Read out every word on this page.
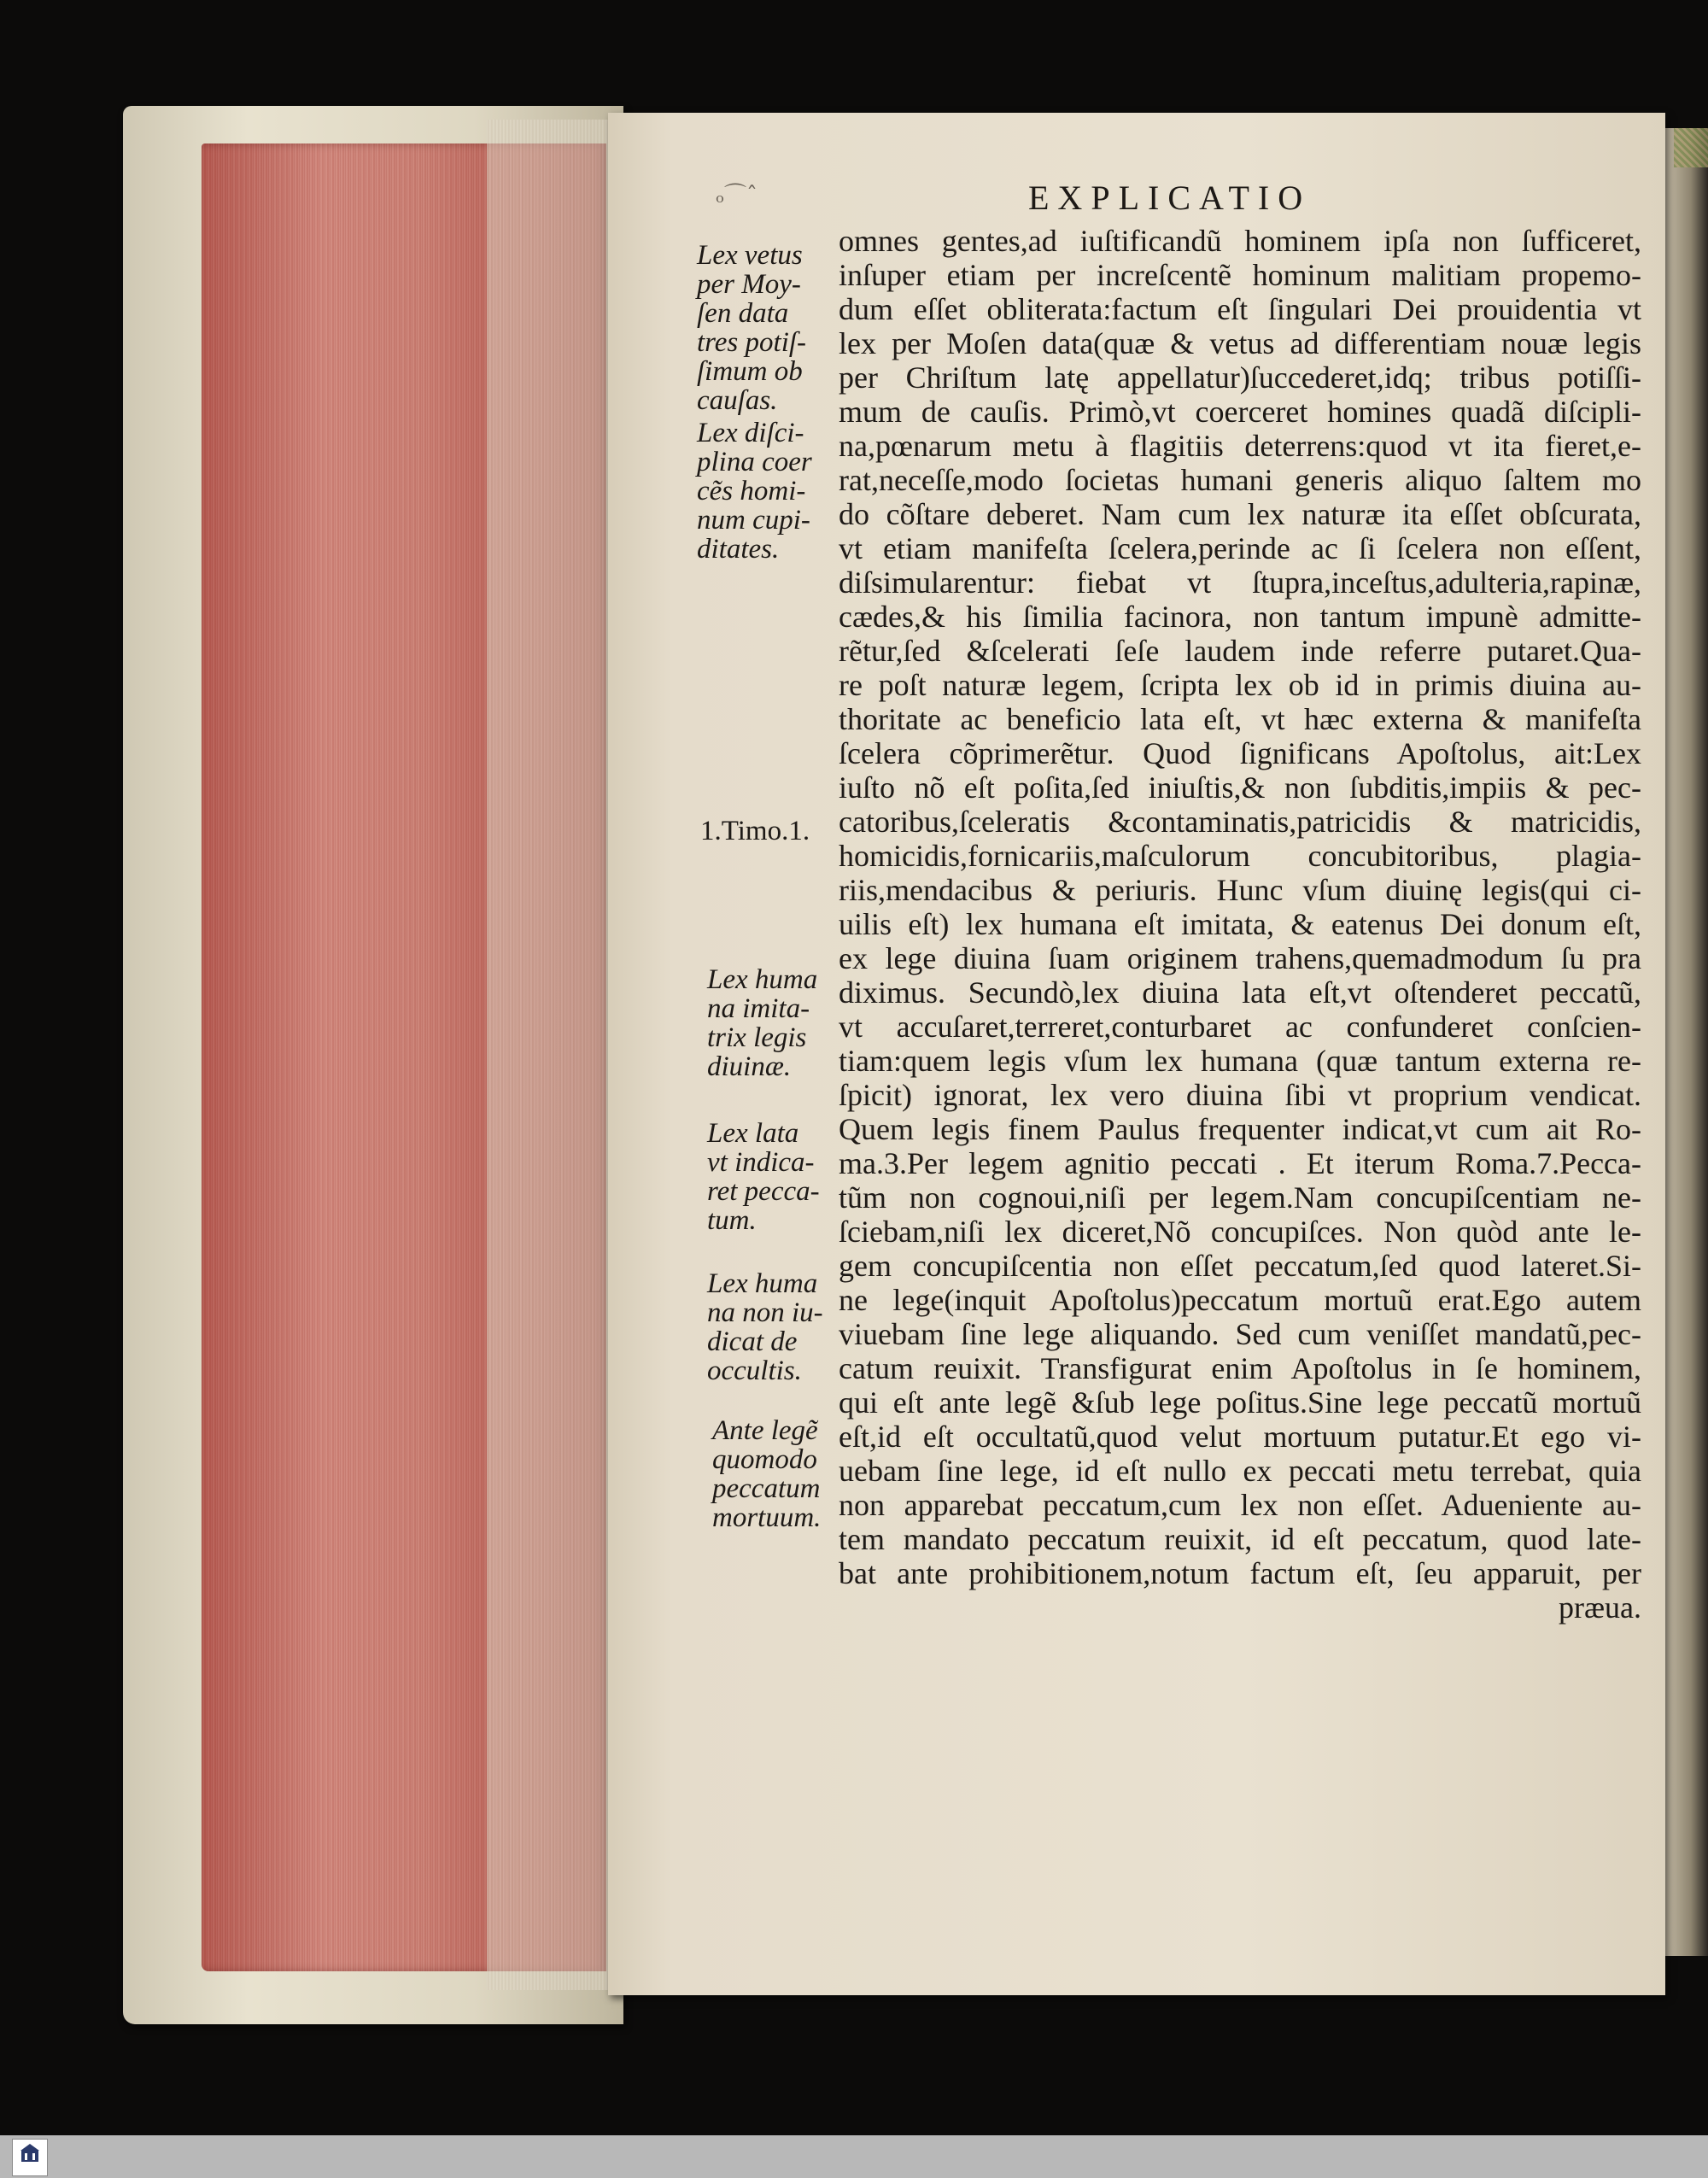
ₒ⌒ˆ	EXPLICATIO
omnes gentes,ad iuſtificandũ hominem ipſa non ſufficeret,
inſuper etiam per increſcentẽ hominum malitiam propemo-
dum eſſet obliterata:factum eſt ſingulari Dei prouidentia vt
lex per Moſen data(quæ & vetus ad differentiam nouæ legis
per Chriſtum latę appellatur)ſuccederet,idq; tribus potiſſi-
mum de cauſis. Primò,vt coerceret homines quadã diſcipli-
na,pœnarum metu à flagitiis deterrens:quod vt ita fieret,e-
rat,neceſſe,modo ſocietas humani generis aliquo ſaltem mo
do cõſtare deberet. Nam cum lex naturæ ita eſſet obſcurata,
vt etiam manifeſta ſcelera,perinde ac ſi ſcelera non eſſent,
diſsimularentur: fiebat vt ſtupra,inceſtus,adulteria,rapinæ,
cædes,& his ſimilia facinora, non tantum impunè admitte-
rẽtur,ſed &ſcelerati ſeſe laudem inde referre putaret.Qua-
re poſt naturæ legem, ſcripta lex ob id in primis diuina au-
thoritate ac beneficio lata eſt, vt hæc externa & manifeſta
ſcelera cõprimerẽtur. Quod ſignificans Apoſtolus, ait:Lex
iuſto nõ eſt poſita,ſed iniuſtis,& non ſubditis,impiis & pec-
catoribus,ſceleratis &contaminatis,patricidis & matricidis,
homicidis,fornicariis,maſculorum concubitoribus, plagia-
riis,mendacibus & periuris. Hunc vſum diuinę legis(qui ci-
uilis eſt) lex humana eſt imitata, & eatenus Dei donum eſt,
ex lege diuina ſuam originem trahens,quemadmodum ſu pra
diximus. Secundò,lex diuina lata eſt,vt oſtenderet peccatũ,
vt accuſaret,terreret,conturbaret ac confunderet conſcien-
tiam:quem legis vſum lex humana (quæ tantum externa re-
ſpicit) ignorat, lex vero diuina ſibi vt proprium vendicat.
Quem legis finem Paulus frequenter indicat,vt cum ait Ro-
ma.3.Per legem agnitio peccati . Et iterum Roma.7.Pecca-
tũm non cognoui,niſi per legem.Nam concupiſcentiam ne-
ſciebam,niſi lex diceret,Nõ concupiſces. Non quòd ante le-
gem concupiſcentia non eſſet peccatum,ſed quod lateret.Si-
ne lege(inquit Apoſtolus)peccatum mortuũ erat.Ego autem
viuebam ſine lege aliquando. Sed cum veniſſet mandatũ,pec-
catum reuixit. Transfigurat enim Apoſtolus in ſe hominem,
qui eſt ante legẽ &ſub lege poſitus.Sine lege peccatũ mortuũ
eſt,id eſt occultatũ,quod velut mortuum putatur.Et ego vi-
uebam ſine lege, id eſt nullo ex peccati metu terrebat, quia
non apparebat peccatum,cum lex non eſſet. Adueniente au-
tem mandato peccatum reuixit, id eſt peccatum, quod late-
bat ante prohibitionem,notum factum eſt, ſeu apparuit, per
præua.
Lex vetus
per Moy-
ſen data
tres potiſ-
ſimum ob
cauſas.
Lex diſci-
plina coer
cẽs homi-
num cupi-
ditates.
1.Timo.1.
Lex huma
na imita-
trix legis
diuinæ.
Lex lata
vt indica-
ret pecca-
tum.
Lex huma
na non iu-
dicat de
occultis.
Ante legẽ
quomodo
peccatum
mortuum.
